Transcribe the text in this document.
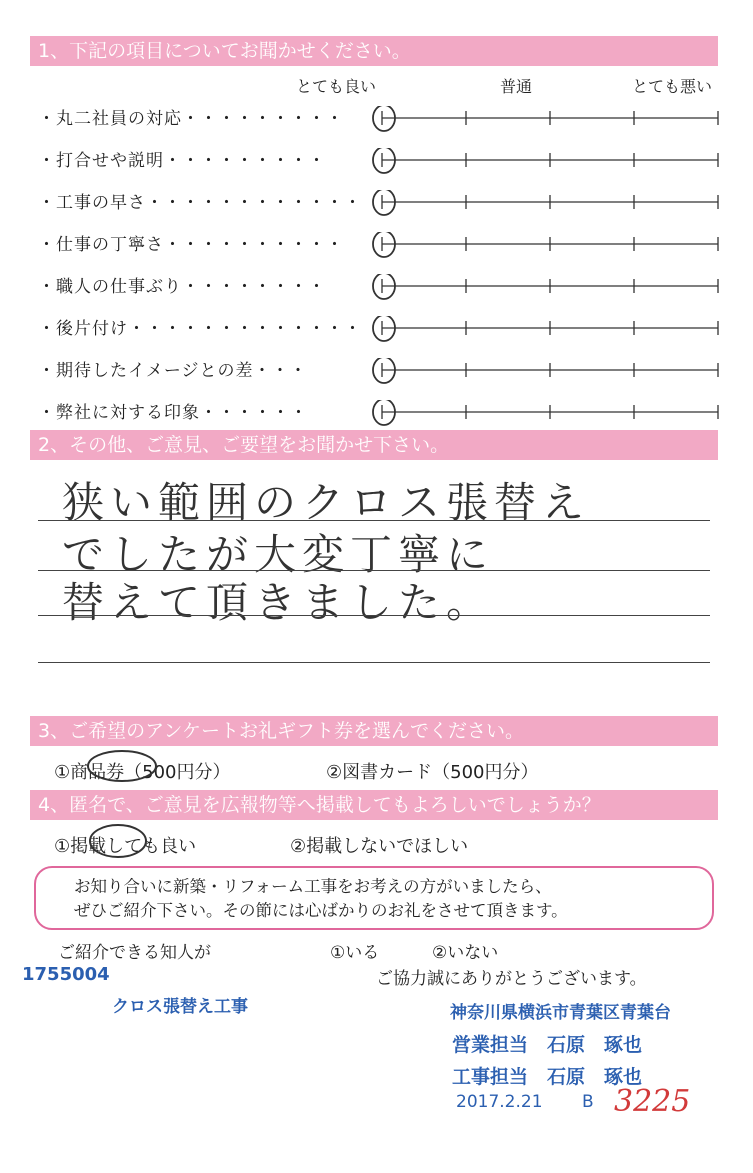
1、下記の項目についてお聞かせください。
とても良い	普通	とても悪い
・丸二社員の対応・・・・・・・・・
・打合せや説明・・・・・・・・・
・工事の早さ・・・・・・・・・・・・
・仕事の丁寧さ・・・・・・・・・・
・職人の仕事ぶり・・・・・・・・
・後片付け・・・・・・・・・・・・・
・期待したイメージとの差・・・
・弊社に対する印象・・・・・・
2、その他、ご意見、ご要望をお聞かせ下さい。
狭い範囲のクロス張替え
でしたが大変丁寧に
替えて頂きました。
3、ご希望のアンケートお礼ギフト券を選んでください。
①商品券（500円分）	②図書カード（500円分）
4、匿名で、ご意見を広報物等へ掲載してもよろしいでしょうか？
①掲載しても良い	②掲載しないでほしい
お知り合いに新築・リフォーム工事をお考えの方がいましたら、
ぜひご紹介下さい。その節には心ばかりのお礼をさせて頂きます。
ご紹介できる知人が	①いる	②いない
ご協力誠にありがとうございます。
1755004
クロス張替え工事	神奈川県横浜市青葉区青葉台
営業担当　石原　琢也
工事担当　石原　琢也
2017.2.21 B 3225
